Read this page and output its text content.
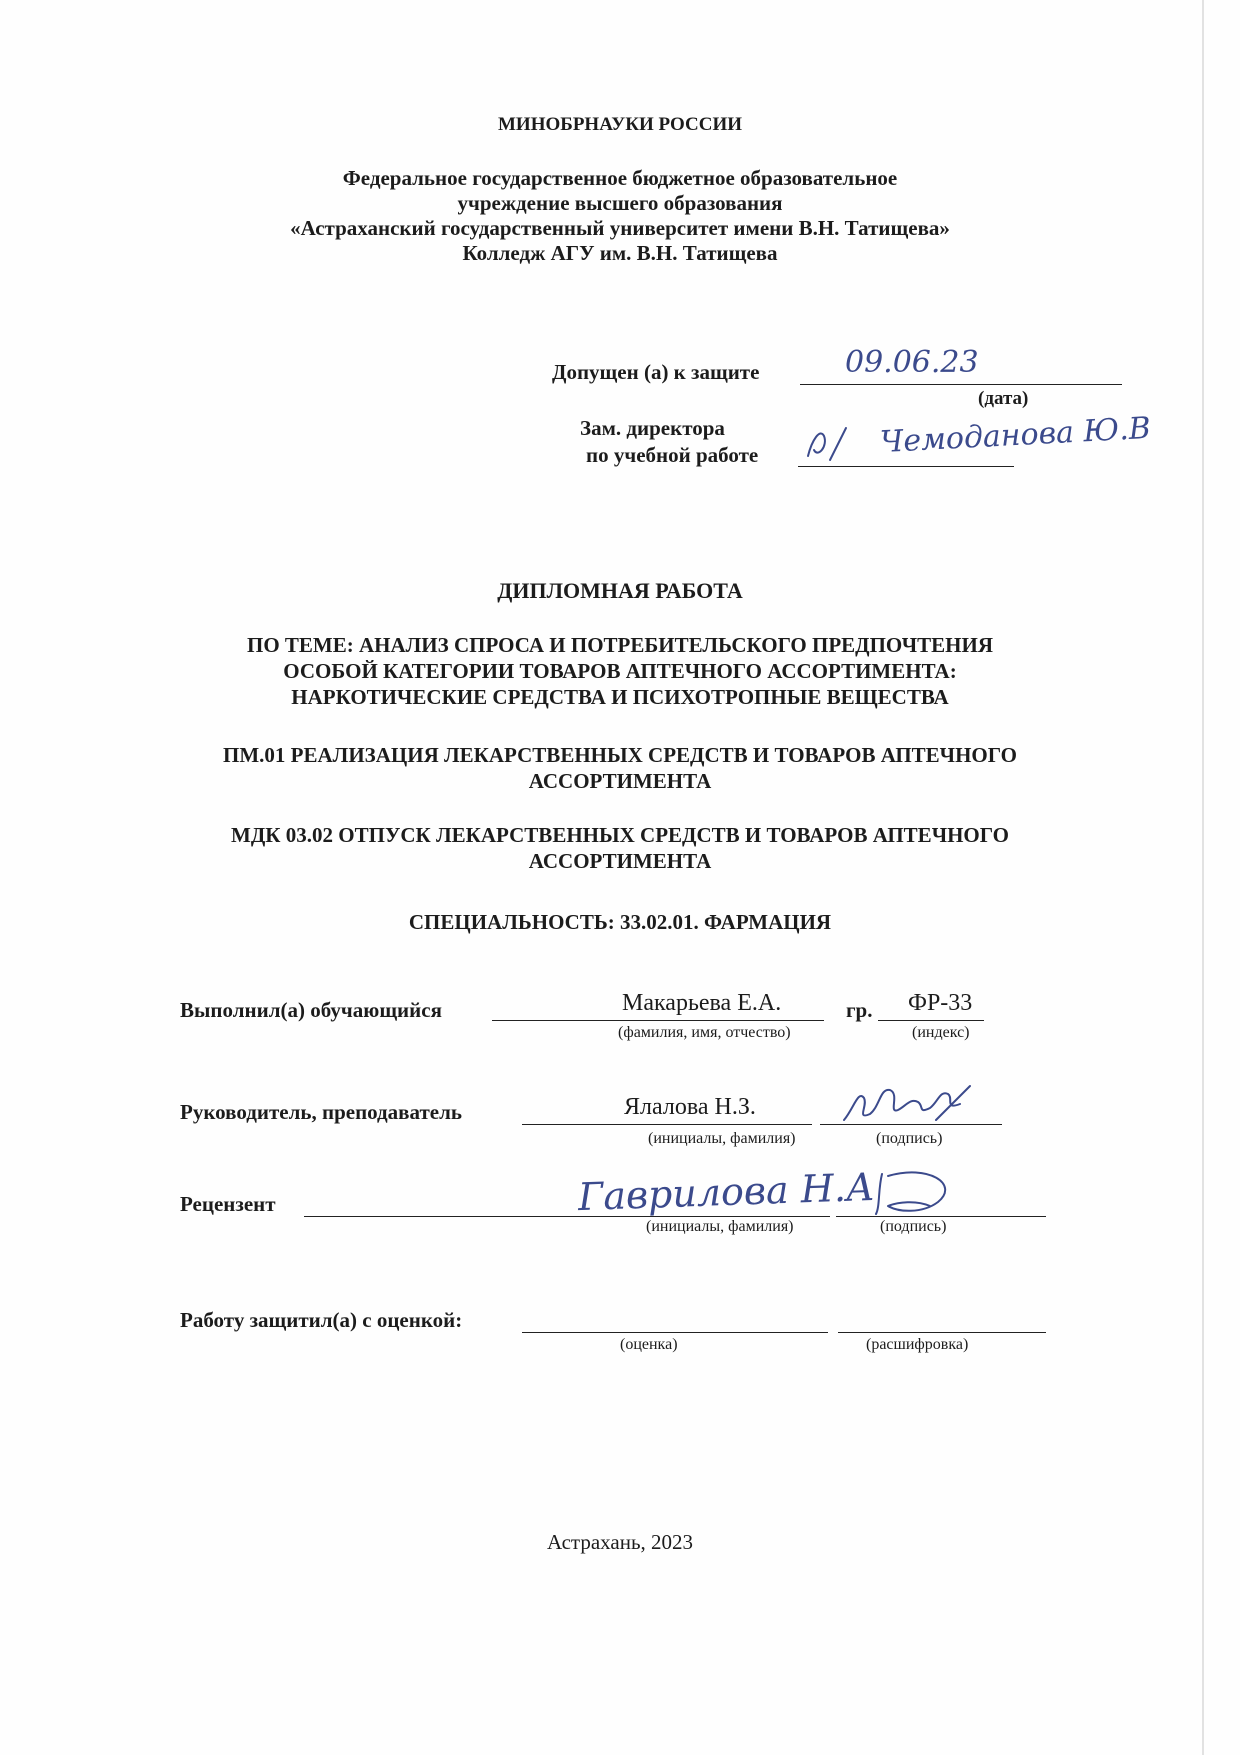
МИНОБРНАУКИ РОССИИ
Федеральное государственное бюджетное образовательное
учреждение высшего образования
«Астраханский государственный университет имени В.Н. Татищева»
Колледж АГУ им. В.Н. Татищева
Допущен (а) к защите	09.06.23
(дата)
Зам. директора
по учебной работе	Чемоданова Ю.В
ДИПЛОМНАЯ РАБОТА
ПО ТЕМЕ: АНАЛИЗ СПРОСА И ПОТРЕБИТЕЛЬСКОГО ПРЕДПОЧТЕНИЯ
ОСОБОЙ КАТЕГОРИИ ТОВАРОВ АПТЕЧНОГО АССОРТИМЕНТА:
НАРКОТИЧЕСКИЕ СРЕДСТВА И ПСИХОТРОПНЫЕ ВЕЩЕСТВА
ПМ.01 РЕАЛИЗАЦИЯ ЛЕКАРСТВЕННЫХ СРЕДСТВ И ТОВАРОВ АПТЕЧНОГО
АССОРТИМЕНТА
МДК 03.02 ОТПУСК ЛЕКАРСТВЕННЫХ СРЕДСТВ И ТОВАРОВ АПТЕЧНОГО
АССОРТИМЕНТА
СПЕЦИАЛЬНОСТЬ: 33.02.01. ФАРМАЦИЯ
Выполнил(а) обучающийся	Макарьева Е.А.	гр. ФР-33
(фамилия, имя, отчество)	(индекс)
Руководитель, преподаватель	Ялалова Н.З.
(инициалы, фамилия)	(подпись)
Рецензент	Гаврилова Н.А
(инициалы, фамилия)	(подпись)
Работу защитил(а) с оценкой:
(оценка)	(расшифровка)
Астрахань, 2023
